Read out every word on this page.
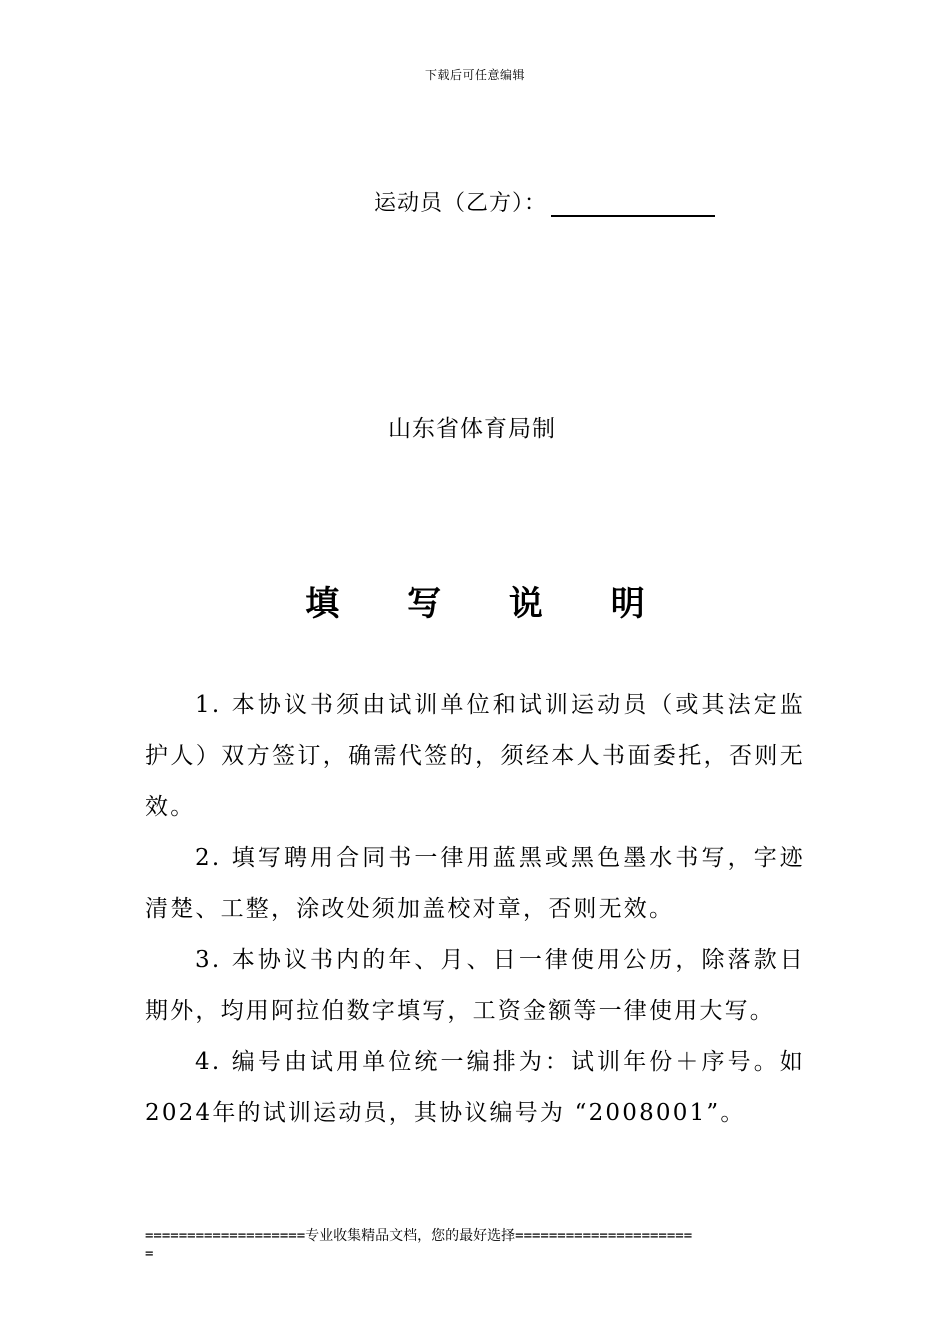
下载后可任意编辑
运动员（乙方）：
山东省体育局制
填 写 说 明

1. 本协议书须由试训单位和试训运动员（或其法定监护人）双方签订，确需代签的，须经本人书面委托，否则无效。

2. 填写聘用合同书一律用蓝黑或黑色墨水书写，字迹清楚、工整，涂改处须加盖校对章，否则无效。

3. 本协议书内的年、月、日一律使用公历，除落款日期外，均用阿拉伯数字填写，工资金额等一律使用大写。

4. 编号由试用单位统一编排为：试训年份＋序号。如2024年的试训运动员，其协议编号为 “2008001”。

===================专业收集精品文档，您的最好选择=====================
=
